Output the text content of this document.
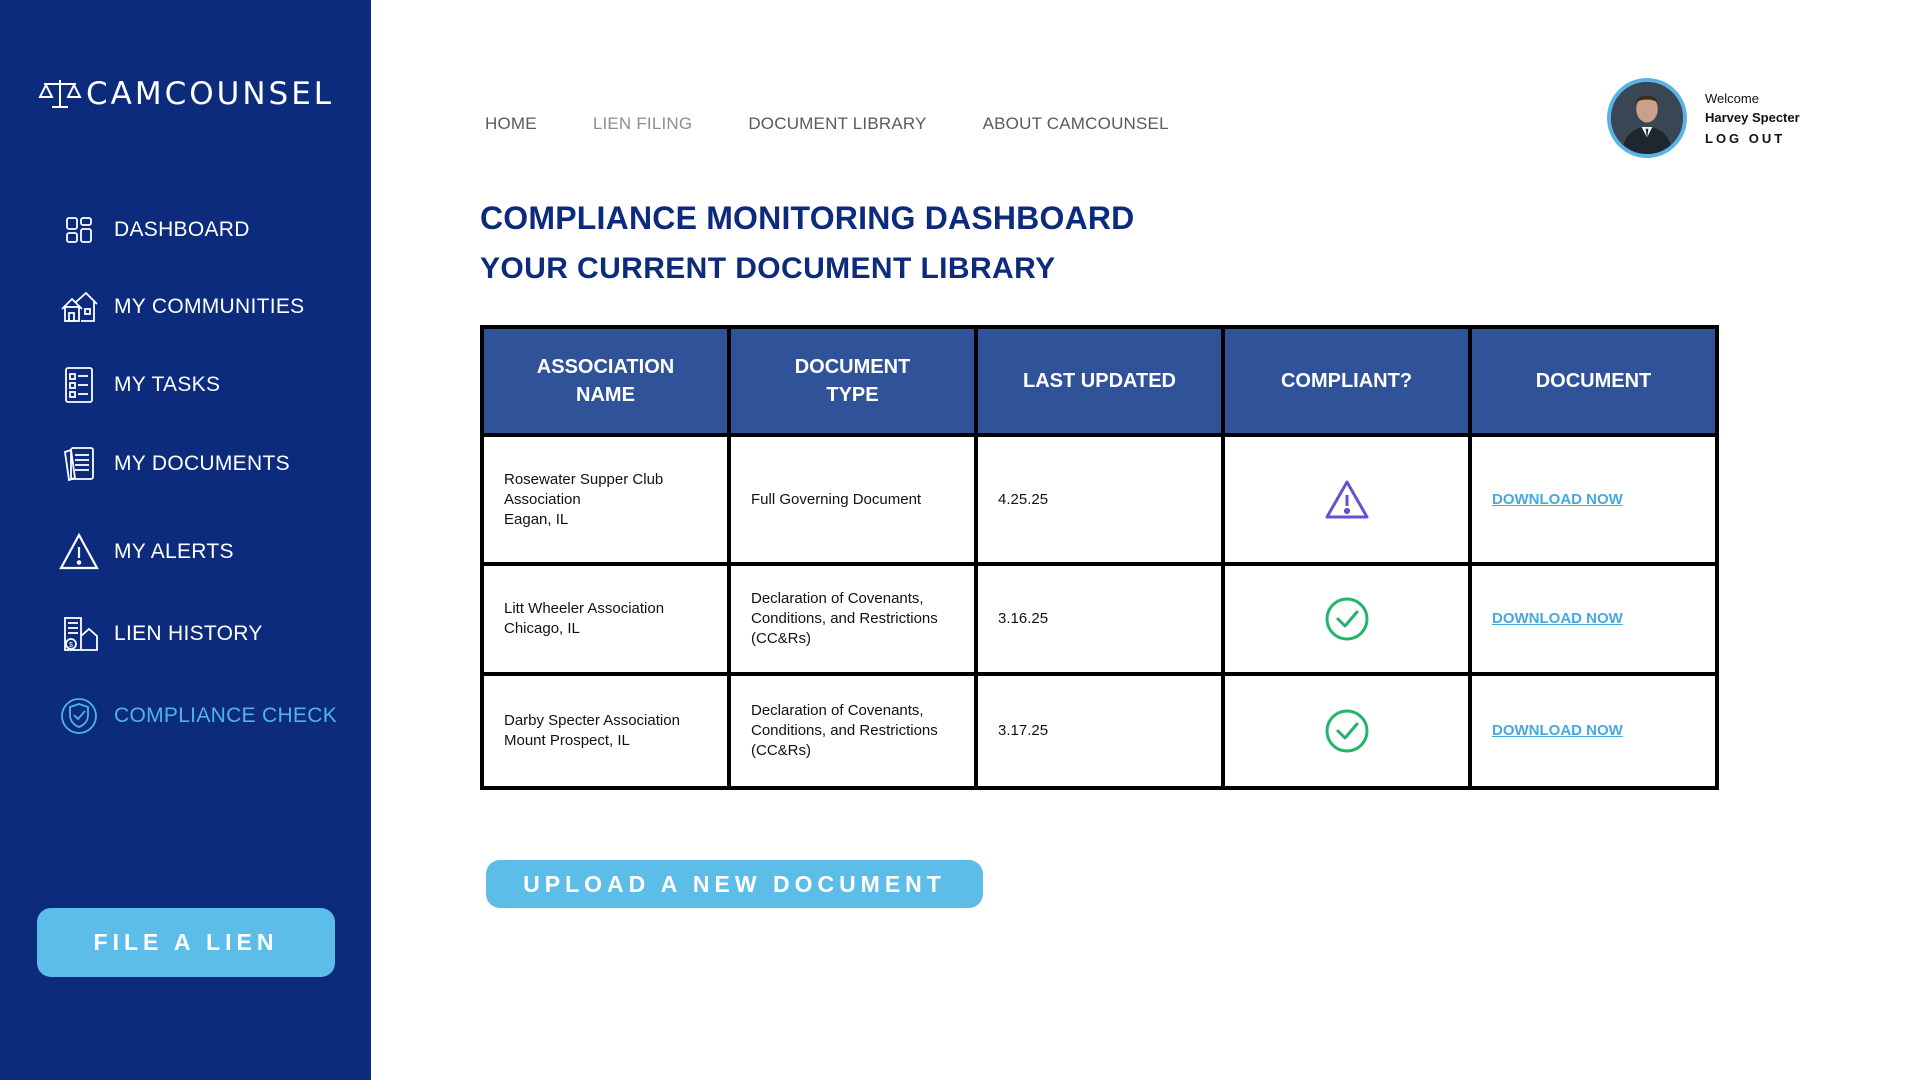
CAMCOUNSEL
DASHBOARD
MY COMMUNITIES
MY TASKS
MY DOCUMENTS
MY ALERTS
$
LIEN HISTORY
COMPLIANCE CHECK
FILE A LIEN
HOME	LIEN FILING	DOCUMENT LIBRARY	ABOUT CAMCOUNSEL
Welcome
Harvey Specter
LOG OUT
COMPLIANCE MONITORING DASHBOARD
YOUR CURRENT DOCUMENT LIBRARY
ASSOCIATION NAME	DOCUMENT TYPE	LAST UPDATED	COMPLIANT?	DOCUMENT

Rosewater Supper Club
Association
Eagan, IL	Full Governing Document	4.25.25		DOWNLOAD NOW

Litt Wheeler Association
Chicago, IL	Declaration of Covenants, Conditions, and Restrictions (CC&Rs)	3.16.25		DOWNLOAD NOW

Darby Specter Association
Mount Prospect, IL	Declaration of Covenants, Conditions, and Restrictions (CC&Rs)	3.17.25		DOWNLOAD NOW
UPLOAD A NEW DOCUMENT
